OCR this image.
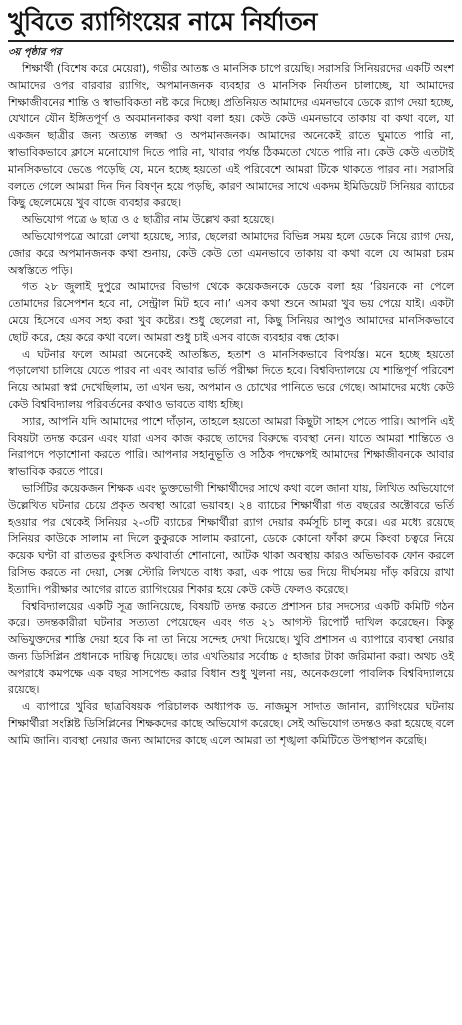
খুবিতে র‌্যাগিংয়ের নামে নির্যাতন
৩য় পৃষ্ঠার পর

শিক্ষার্থী (বিশেষ করে মেয়েরা), গভীর আতঙ্ক ও মানসিক চাপে রয়েছি। সরাসরি সিনিয়রদের একটি অংশ আমাদের ওপর বারবার র‌্যাগিং, অপমানজনক ব্যবহার ও মানসিক নির্যাতন চালাচ্ছে, যা আমাদের শিক্ষাজীবনের শান্তি ও স্বাভাবিকতা নষ্ট করে দিচ্ছে। প্রতিনিয়ত আমাদের এমনভাবে ডেকে র‌্যাগ দেয়া হচ্ছে, যেখানে যৌন ইঙ্গিতপূর্ণ ও অবমাননাকর কথা বলা হয়। কেউ কেউ এমনভাবে তাকায় বা কথা বলে, যা একজন ছাত্রীর জন্য অত্যন্ত লজ্জা ও অপমানজনক। আমাদের অনেকেই রাতে ঘুমাতে পারি না, স্বাভাবিকভাবে ক্লাসে মনোযোগ দিতে পারি না, খাবার পর্যন্ত ঠিকমতো খেতে পারি না। কেউ কেউ এতটাই মানসিকভাবে ভেঙে পড়েছি যে, মনে হচ্ছে হয়তো এই পরিবেশে আমরা টিকে থাকতে পারব না। সরাসরি বলতে গেলে আমরা দিন দিন বিষণ্ন হয়ে পড়ছি, কারণ আমাদের সাথে একদম ইমিডিয়েট সিনিয়র ব্যাচের কিছু ছেলেমেয়ে খুব বাজে ব্যবহার করছে।

অভিযোগ পত্রে ৬ ছাত্র ও ৫ ছাত্রীর নাম উল্লেখ করা হয়েছে।

অভিযোগপত্রে আরো লেখা হয়েছে, স্যার, ছেলেরা আমাদের বিভিন্ন সময় হলে ডেকে নিয়ে র‌্যাগ দেয়, জোর করে অপমানজনক কথা শুনায়, কেউ কেউ তো এমনভাবে তাকায় বা কথা বলে যে আমরা চরম অস্বস্তিতে পড়ি।

গত ২৮ জুলাই দুপুরে আমাদের বিভাগ থেকে কয়েকজনকে ডেকে বলা হয় ‘রিয়নকে না পেলে তোমাদের রিসেপশন হবে না, সেন্ট্রাল মিট হবে না।’ এসব কথা শুনে আমরা খুব ভয় পেয়ে যাই। একটা মেয়ে হিসেবে এসব সহ্য করা খুব কষ্টের। শুধু ছেলেরা না, কিছু সিনিয়র আপুও আমাদের মানসিকভাবে ছোট করে, হেয় করে কথা বলে। আমরা শুধু চাই এসব বাজে ব্যবহার বন্ধ হোক।

এ ঘটনার ফলে আমরা অনেকেই আতঙ্কিত, হতাশ ও মানসিকভাবে বিপর্যস্ত। মনে হচ্ছে হয়তো পড়ালেখা চালিয়ে যেতে পারব না এবং আবার ভর্তি পরীক্ষা দিতে হবে। বিশ্ববিদ্যালয়ে যে শান্তিপূর্ণ পরিবেশ নিয়ে আমরা স্বপ্ন দেখেছিলাম, তা এখন ভয়, অপমান ও চোখের পানিতে ভরে গেছে। আমাদের মধ্যে কেউ কেউ বিশ্ববিদ্যালয় পরিবর্তনের কথাও ভাবতে বাধ্য হচ্ছি।

স্যার, আপনি যদি আমাদের পাশে দাঁড়ান, তাহলে হয়তো আমরা কিছুটা সাহস পেতে পারি। আপনি এই বিষয়টা তদন্ত করেন এবং যারা এসব কাজ করছে তাদের বিরুদ্ধে ব্যবস্থা নেন। যাতে আমরা শান্তিতে ও নিরাপদে পড়াশোনা করতে পারি। আপনার সহানুভূতি ও সঠিক পদক্ষেপই আমাদের শিক্ষাজীবনকে আবার স্বাভাবিক করতে পারে।

ভার্সিটির কয়েকজন শিক্ষক এবং ভুক্তভোগী শিক্ষার্থীদের সাথে কথা বলে জানা যায়, লিখিত অভিযোগে উল্লেখিত ঘটনার চেয়ে প্রকৃত অবস্থা আরো ভয়াবহ। ২৪ ব্যাচের শিক্ষার্থীরা গত বছরের অক্টোবরে ভর্তি হওয়ার পর থেকেই সিনিয়র ২-৩টি ব্যাচের শিক্ষার্থীরা র‌্যাগ দেয়ার কর্মসূচি চালু করে। এর মধ্যে রয়েছে সিনিয়র কাউকে সালাম না দিলে কুকুরকে সালাম করানো, ডেকে কোনো ফাঁকা রুমে কিংবা চত্বরে নিয়ে কয়েক ঘণ্টা বা রাতভর কুৎসিত কথাবার্তা শোনানো, আটক থাকা অবস্থায় কারও অভিভাবক ফোন করলে রিসিভ করতে না দেয়া, সেক্স স্টোরি লিখতে বাধ্য করা, এক পায়ে ভর দিয়ে দীর্ঘসময় দাঁড় করিয়ে রাখা ইত্যাদি। পরীক্ষার আগের রাতে র‌্যাগিংয়ের শিকার হয়ে কেউ কেউ ফেলও করেছে।

বিশ্ববিদ্যালয়ের একটি সূত্র জানিয়েছে, বিষয়টি তদন্ত করতে প্রশাসন চার সদস্যের একটি কমিটি গঠন করে। তদন্তকারীরা ঘটনার সত্যতা পেয়েছেন এবং গত ২১ আগস্ট রিপোর্ট দাখিল করেছেন। কিন্তু অভিযুক্তদের শাস্তি দেয়া হবে কি না তা নিয়ে সন্দেহ দেখা দিয়েছে। খুবি প্রশাসন এ ব্যাপারে ব্যবস্থা নেয়ার জন্য ডিসিপ্লিন প্রধানকে দায়িত্ব দিয়েছে। তার এখতিয়ার সর্বোচ্চ ৫ হাজার টাকা জরিমানা করা। অথচ ওই অপরাধে কমপক্ষে এক বছর সাসপেন্ড করার বিধান শুধু খুলনা নয়, অনেকগুলো পাবলিক বিশ্ববিদ্যালয়ে রয়েছে।

এ ব্যাপারে খুবির ছাত্রবিষয়ক পরিচালক অধ্যাপক ড. নাজমুস সাদাত জানান, র‌্যাগিংয়ের ঘটনায় শিক্ষার্থীরা সংশ্লিষ্ট ডিসিপ্লিনের শিক্ষকদের কাছে অভিযোগ করেছে। সেই অভিযোগ তদন্তও করা হয়েছে বলে আমি জানি। ব্যবস্থা নেয়ার জন্য আমাদের কাছে এলে আমরা তা শৃঙ্খলা কমিটিতে উপস্থাপন করেছি।
